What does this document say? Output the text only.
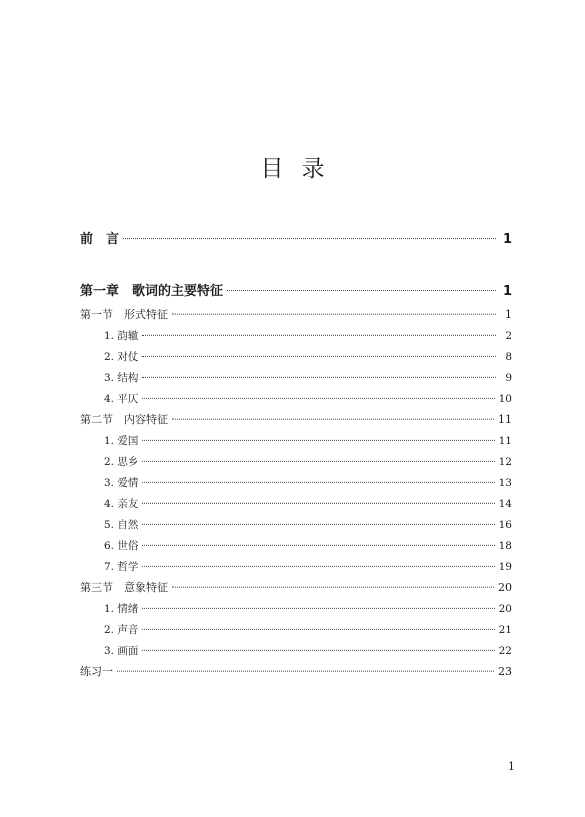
目录
前　言	1
第一章　歌词的主要特征	1
第一节　形式特征	1
1. 韵辙	2
2. 对仗	8
3. 结构	9
4. 平仄	10
第二节　内容特征	11
1. 爱国	11
2. 思乡	12
3. 爱情	13
4. 亲友	14
5. 自然	16
6. 世俗	18
7. 哲学	19
第三节　意象特征	20
1. 情绪	20
2. 声音	21
3. 画面	22
练习一	23
1
